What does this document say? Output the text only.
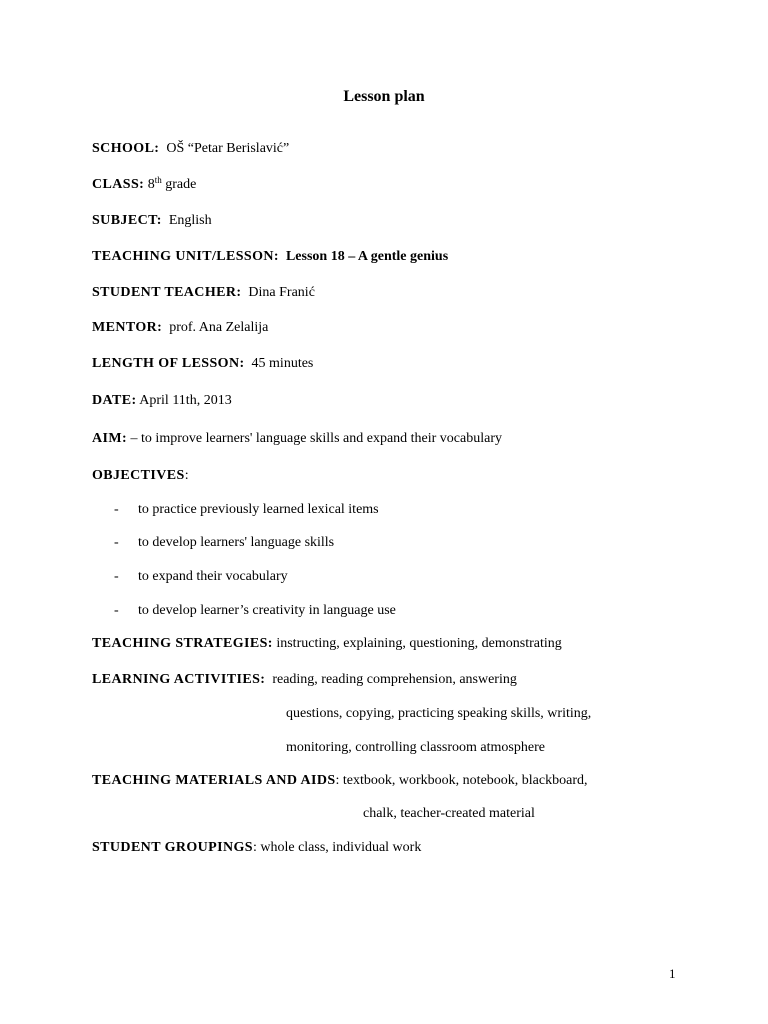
Lesson plan
SCHOOL: OŠ “Petar Berislavić”
CLASS: 8th grade
SUBJECT: English
TEACHING UNIT/LESSON: Lesson 18 – A gentle genius
STUDENT TEACHER: Dina Franić
MENTOR: prof. Ana Zelalija
LENGTH OF LESSON: 45 minutes
DATE: April 11th, 2013
AIM: – to improve learners' language skills and expand their vocabulary
OBJECTIVES:
- to practice previously learned lexical items
- to develop learners' language skills
- to expand their vocabulary
- to develop learner’s creativity in language use
TEACHING STRATEGIES: instructing, explaining, questioning, demonstrating
LEARNING ACTIVITIES: reading, reading comprehension, answering
questions, copying, practicing speaking skills, writing,
monitoring, controlling classroom atmosphere
TEACHING MATERIALS AND AIDS: textbook, workbook, notebook, blackboard,
chalk, teacher-created material
STUDENT GROUPINGS: whole class, individual work
1
